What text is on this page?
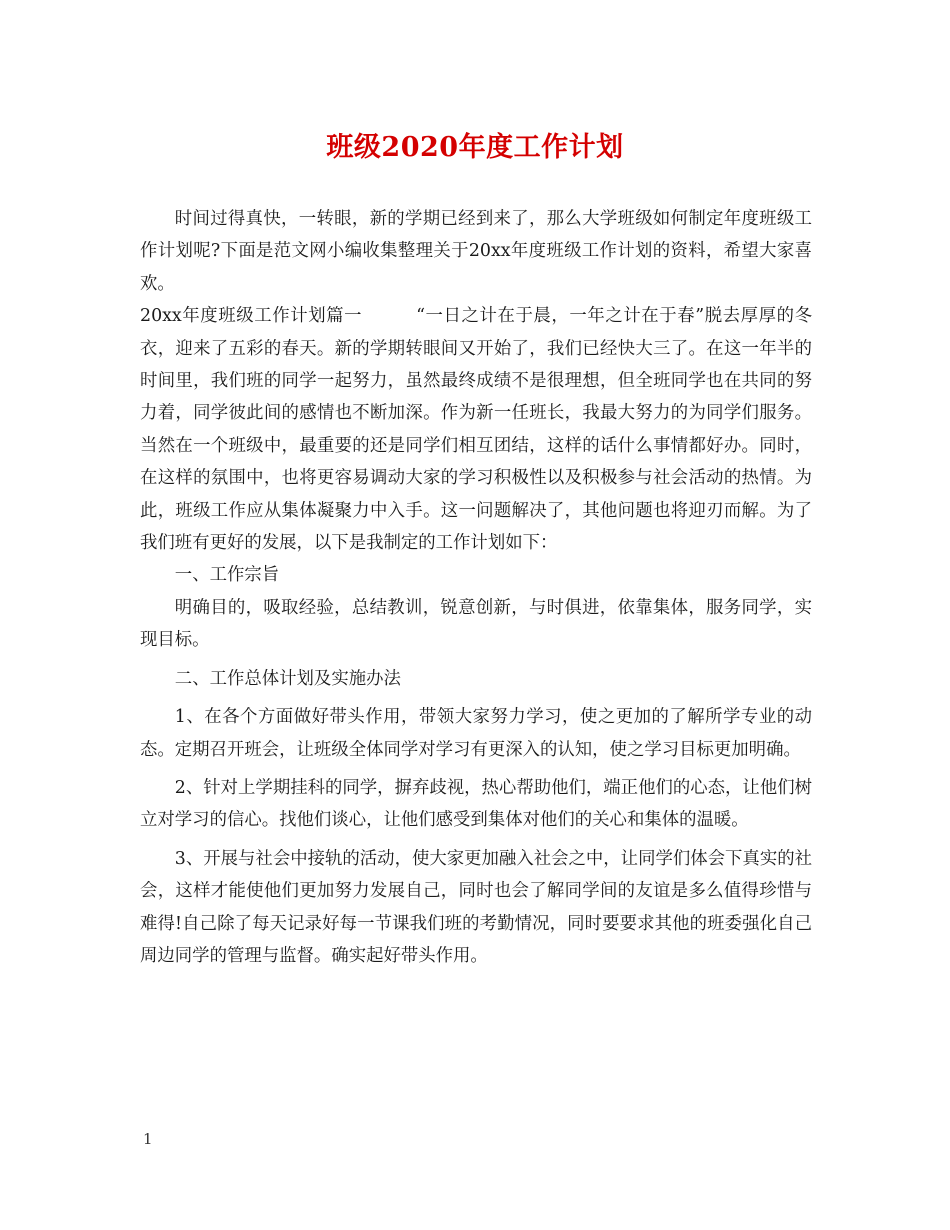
班级2020年度工作计划

时间过得真快，一转眼，新的学期已经到来了，那么大学班级如何制定年度班级工作计划呢?下面是范文网小编收集整理关于20xx年度班级工作计划的资料，希望大家喜欢。

20xx年度班级工作计划篇一　　　“一日之计在于晨，一年之计在于春”脱去厚厚的冬衣，迎来了五彩的春天。新的学期转眼间又开始了，我们已经快大三了。在这一年半的时间里，我们班的同学一起努力，虽然最终成绩不是很理想，但全班同学也在共同的努力着，同学彼此间的感情也不断加深。作为新一任班长，我最大努力的为同学们服务。当然在一个班级中，最重要的还是同学们相互团结，这样的话什么事情都好办。同时，在这样的氛围中，也将更容易调动大家的学习积极性以及积极参与社会活动的热情。为此，班级工作应从集体凝聚力中入手。这一问题解决了，其他问题也将迎刃而解。为了我们班有更好的发展，以下是我制定的工作计划如下：

一、工作宗旨

明确目的，吸取经验，总结教训，锐意创新，与时俱进，依靠集体，服务同学，实现目标。

二、工作总体计划及实施办法

1、在各个方面做好带头作用，带领大家努力学习，使之更加的了解所学专业的动态。定期召开班会，让班级全体同学对学习有更深入的认知，使之学习目标更加明确。

2、针对上学期挂科的同学，摒弃歧视，热心帮助他们，端正他们的心态，让他们树立对学习的信心。找他们谈心，让他们感受到集体对他们的关心和集体的温暖。

3、开展与社会中接轨的活动，使大家更加融入社会之中，让同学们体会下真实的社会，这样才能使他们更加努力发展自己，同时也会了解同学间的友谊是多么值得珍惜与难得!自己除了每天记录好每一节课我们班的考勤情况，同时要要求其他的班委强化自己周边同学的管理与监督。确实起好带头作用。

1
